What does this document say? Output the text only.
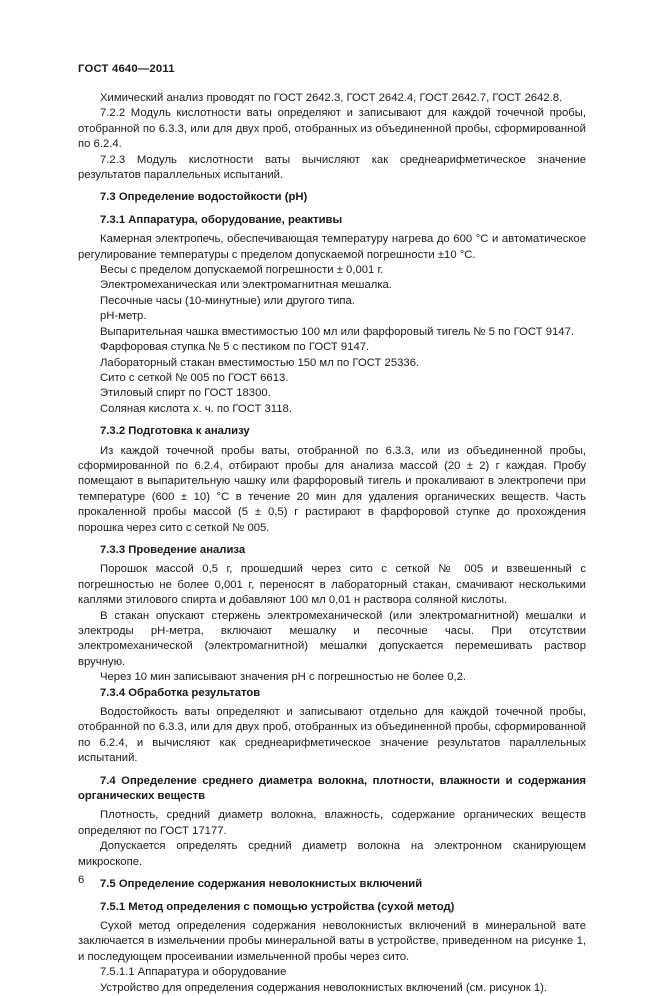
ГОСТ 4640—2011

Химический анализ проводят по ГОСТ 2642.3, ГОСТ 2642.4, ГОСТ 2642.7, ГОСТ 2642.8.

7.2.2 Модуль кислотности ваты определяют и записывают для каждой точечной пробы, отобранной по 6.3.3, или для двух проб, отобранных из объединенной пробы, сформированной по 6.2.4.

7.2.3 Модуль кислотности ваты вычисляют как среднеарифметическое значение результатов параллельных испытаний.

7.3 Определение водостойкости (рН)

7.3.1 Аппаратура, оборудование, реактивы

Камерная электропечь, обеспечивающая температуру нагрева до 600 °С и автоматическое регулирование температуры с пределом допускаемой погрешности ±10 °С.

Весы с пределом допускаемой погрешности ± 0,001 г.

Электромеханическая или электромагнитная мешалка.

Песочные часы (10-минутные) или другого типа.

рН-метр.

Выпарительная чашка вместимостью 100 мл или фарфоровый тигель № 5 по ГОСТ 9147.

Фарфоровая ступка № 5 с пестиком по ГОСТ 9147.

Лабораторный стакан вместимостью 150 мл по ГОСТ 25336.

Сито с сеткой № 005 по ГОСТ 6613.

Этиловый спирт по ГОСТ 18300.

Соляная кислота х. ч. по ГОСТ 3118.

7.3.2 Подготовка к анализу

Из каждой точечной пробы ваты, отобранной по 6.3.3, или из объединенной пробы, сформированной по 6.2.4, отбирают пробы для анализа массой (20 ± 2) г каждая. Пробу помещают в выпарительную чашку или фарфоровый тигель и прокаливают в электропечи при температуре (600 ± 10) °С в течение 20 мин для удаления органических веществ. Часть прокаленной пробы массой (5 ± 0,5) г растирают в фарфоровой ступке до прохождения порошка через сито с сеткой № 005.

7.3.3 Проведение анализа

Порошок массой 0,5 г, прошедший через сито с сеткой № 005 и взвешенный с погрешностью не более 0,001 г, переносят в лабораторный стакан, смачивают несколькими каплями этилового спирта и добавляют 100 мл 0,01 н раствора соляной кислоты.

В стакан опускают стержень электромеханической (или электромагнитной) мешалки и электроды рН-метра, включают мешалку и песочные часы. При отсутствии электромеханической (электромагнитной) мешалки допускается перемешивать раствор вручную.

Через 10 мин записывают значения рН с погрешностью не более 0,2.

7.3.4 Обработка результатов

Водостойкость ваты определяют и записывают отдельно для каждой точечной пробы, отобранной по 6.3.3, или для двух проб, отобранных из объединенной пробы, сформированной по 6.2.4, и вычисляют как среднеарифметическое значение результатов параллельных испытаний.

7.4 Определение среднего диаметра волокна, плотности, влажности и содержания органических веществ

Плотность, средний диаметр волокна, влажность, содержание органических веществ определяют по ГОСТ 17177.

Допускается определять средний диаметр волокна на электронном сканирующем микроскопе.

7.5 Определение содержания неволокнистых включений

7.5.1 Метод определения с помощью устройства (сухой метод)

Сухой метод определения содержания неволокнистых включений в минеральной вате заключается в измельчении пробы минеральной ваты в устройстве, приведенном на рисунке 1, и последующем просеивании измельченной пробы через сито.

7.5.1.1 Аппаратура и оборудование

Устройство для определения содержания неволокнистых включений (см. рисунок 1).

6
